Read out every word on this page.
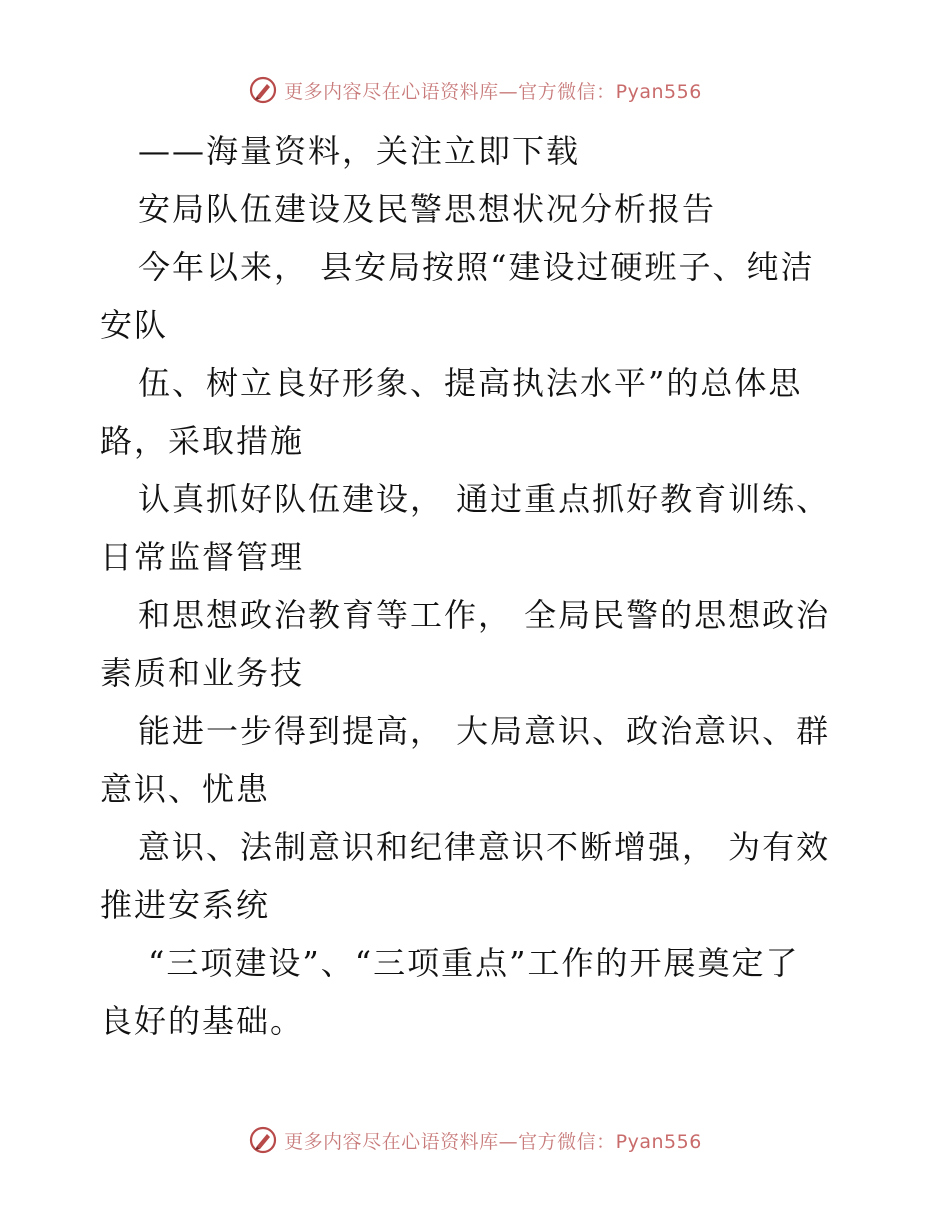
更多内容尽在心语资料库—官方微信：Pyan556
——海量资料，关注立即下载
安局队伍建设及民警思想状况分析报告
今年以来， 县安局按照“建设过硬班子、纯洁
安队
伍、树立良好形象、提高执法水平”的总体思
路，采取措施
认真抓好队伍建设， 通过重点抓好教育训练、
日常监督管理
和思想政治教育等工作， 全局民警的思想政治
素质和业务技
能进一步得到提高， 大局意识、政治意识、群
意识、忧患
意识、法制意识和纪律意识不断增强， 为有效
推进安系统
“三项建设”、“三项重点”工作的开展奠定了
良好的基础。
更多内容尽在心语资料库—官方微信：Pyan556
